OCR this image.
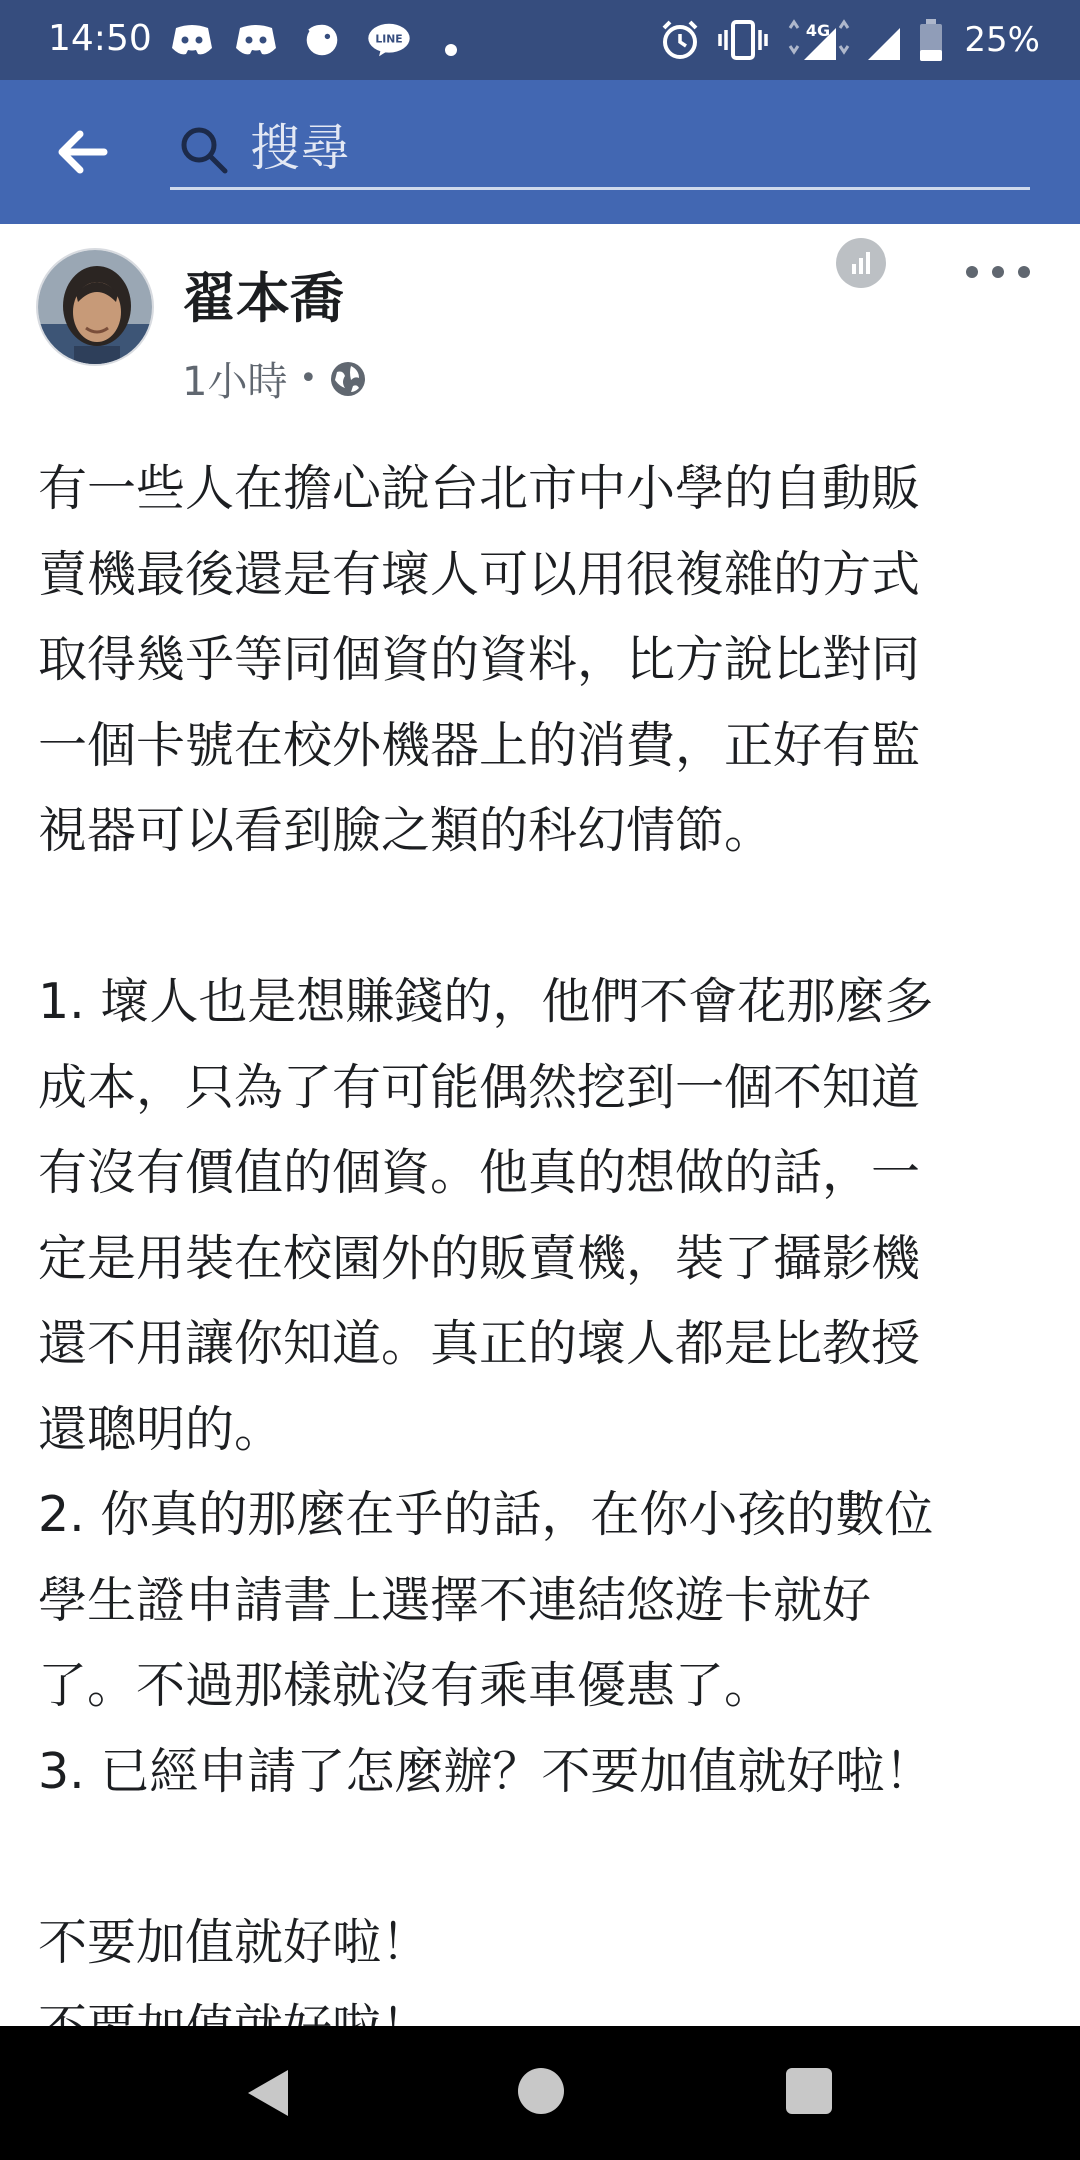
14:50	LINE	4G	25%
搜尋
翟本喬
1小時 •
有一些人在擔心說台北市中小學的自動販
賣機最後還是有壞人可以用很複雜的方式
取得幾乎等同個資的資料，比方說比對同
一個卡號在校外機器上的消費，正好有監
視器可以看到臉之類的科幻情節。
1. 壞人也是想賺錢的，他們不會花那麼多
成本，只為了有可能偶然挖到一個不知道
有沒有價值的個資。他真的想做的話，一
定是用裝在校園外的販賣機，裝了攝影機
還不用讓你知道。真正的壞人都是比教授
還聰明的。
2. 你真的那麼在乎的話，在你小孩的數位
學生證申請書上選擇不連結悠遊卡就好
了。不過那樣就沒有乘車優惠了。
3. 已經申請了怎麼辦？不要加值就好啦！
不要加值就好啦！
